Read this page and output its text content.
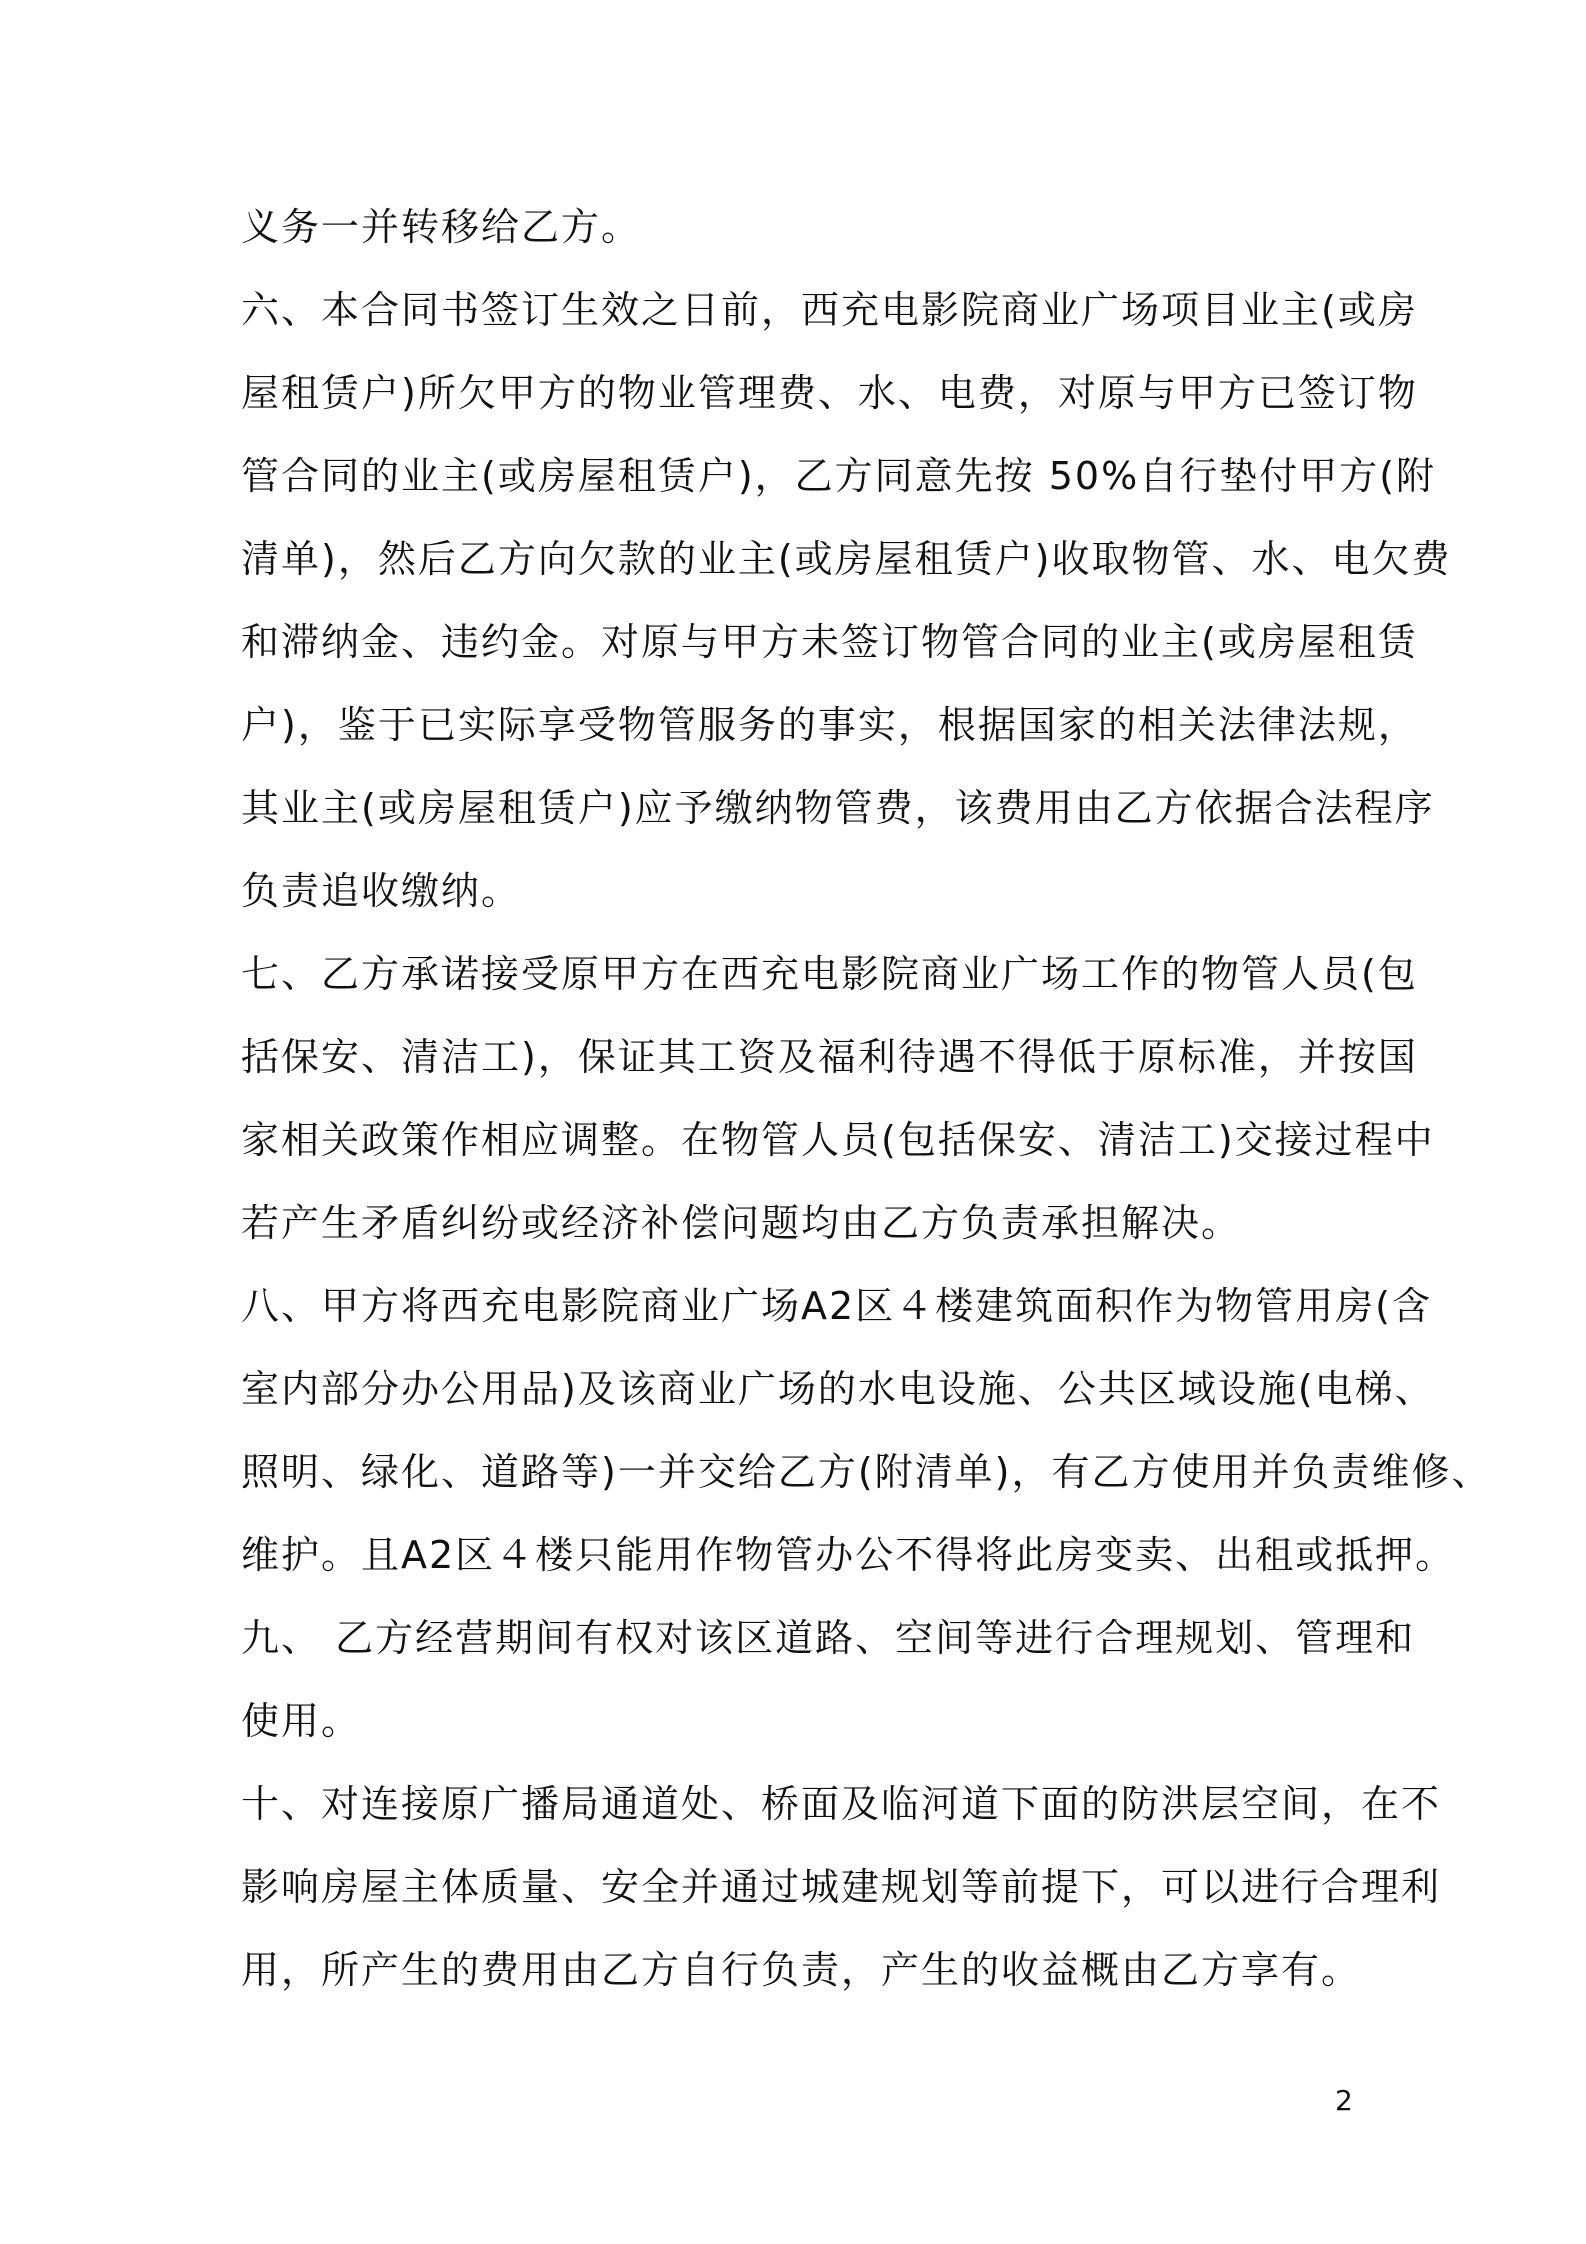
义务一并转移给乙方。
六、本合同书签订生效之日前，西充电影院商业广场项目业主(或房
屋租赁户)所欠甲方的物业管理费、水、电费，对原与甲方已签订物
管合同的业主(或房屋租赁户)，乙方同意先按 50%自行垫付甲方(附
清单)，然后乙方向欠款的业主(或房屋租赁户)收取物管、水、电欠费
和滞纳金、违约金。对原与甲方未签订物管合同的业主(或房屋租赁
户)，鉴于已实际享受物管服务的事实，根据国家的相关法律法规，
其业主(或房屋租赁户)应予缴纳物管费，该费用由乙方依据合法程序
负责追收缴纳。
七、乙方承诺接受原甲方在西充电影院商业广场工作的物管人员(包
括保安、清洁工)，保证其工资及福利待遇不得低于原标准，并按国
家相关政策作相应调整。在物管人员(包括保安、清洁工)交接过程中
若产生矛盾纠纷或经济补偿问题均由乙方负责承担解决。
八、甲方将西充电影院商业广场A2区４楼建筑面积作为物管用房(含
室内部分办公用品)及该商业广场的水电设施、公共区域设施(电梯、
照明、绿化、道路等)一并交给乙方(附清单)，有乙方使用并负责维修、
维护。且A2区４楼只能用作物管办公不得将此房变卖、出租或抵押。
九、 乙方经营期间有权对该区道路、空间等进行合理规划、管理和
使用。
十、对连接原广播局通道处、桥面及临河道下面的防洪层空间，在不
影响房屋主体质量、安全并通过城建规划等前提下，可以进行合理利
用，所产生的费用由乙方自行负责，产生的收益概由乙方享有。
2
